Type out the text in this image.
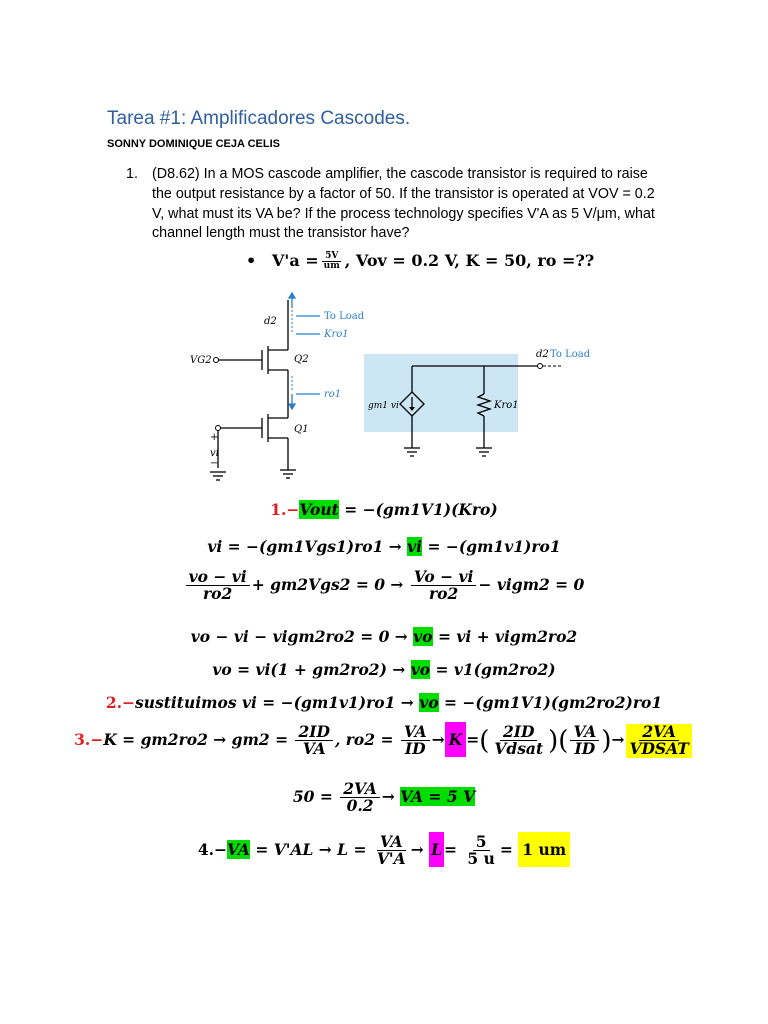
Tarea #1: Amplificadores Cascodes.
SONNY DOMINIQUE CEJA CELIS
1. (D8.62) In a MOS cascode amplifier, the cascode transistor is required to raise the output resistance by a factor of 50. If the transistor is operated at VOV = 0.2 V, what must its VA be? If the process technology specifies V'A as 5 V/μm, what channel length must the transistor have?
• $V'a = \frac{5V}{um}$ , Vov = 0.2 V, K = 50, ro =??
d2	To Load
Kro1
VG2	Q2
ro1
Q1
+
vi
−
d2 To Load
gm1 vi	Kro1
1.−Vout = −(gm1V1)(Kro)
vi = −(gm1Vgs1)ro1 → vi = −(gm1v1)ro1
$\frac{vo - vi}{ro2} + gm2Vgs2 = 0 \to \frac{Vo - vi}{ro2}$ − vigm2 = 0
vo − vi − vigm2ro2 = 0 → vo = vi + vigm2ro2
vo = vi(1 + gm2ro2) → vo = v1(gm2ro2)
2.−sustituimos vi = −(gm1v1)ro1 → vo = −(gm1V1)(gm2ro2)ro1
$3.-K = gm2ro2 \to gm2 = \frac{2ID}{VA}$ , $ro2 = \frac{VA}{ID} \to K$ =( $\frac{2ID}{\text{Vdsat}}$ )( $\frac{VA}{ID}$ )→ $\frac{2VA}{\text{VDSAT}}$
$50 = \frac{2VA}{0.2}$ → VA = 5 V
$4.-VA = V'AL \to L = \frac{VA}{V'A} \to L = \frac{5}{5 u} = 1$ um
